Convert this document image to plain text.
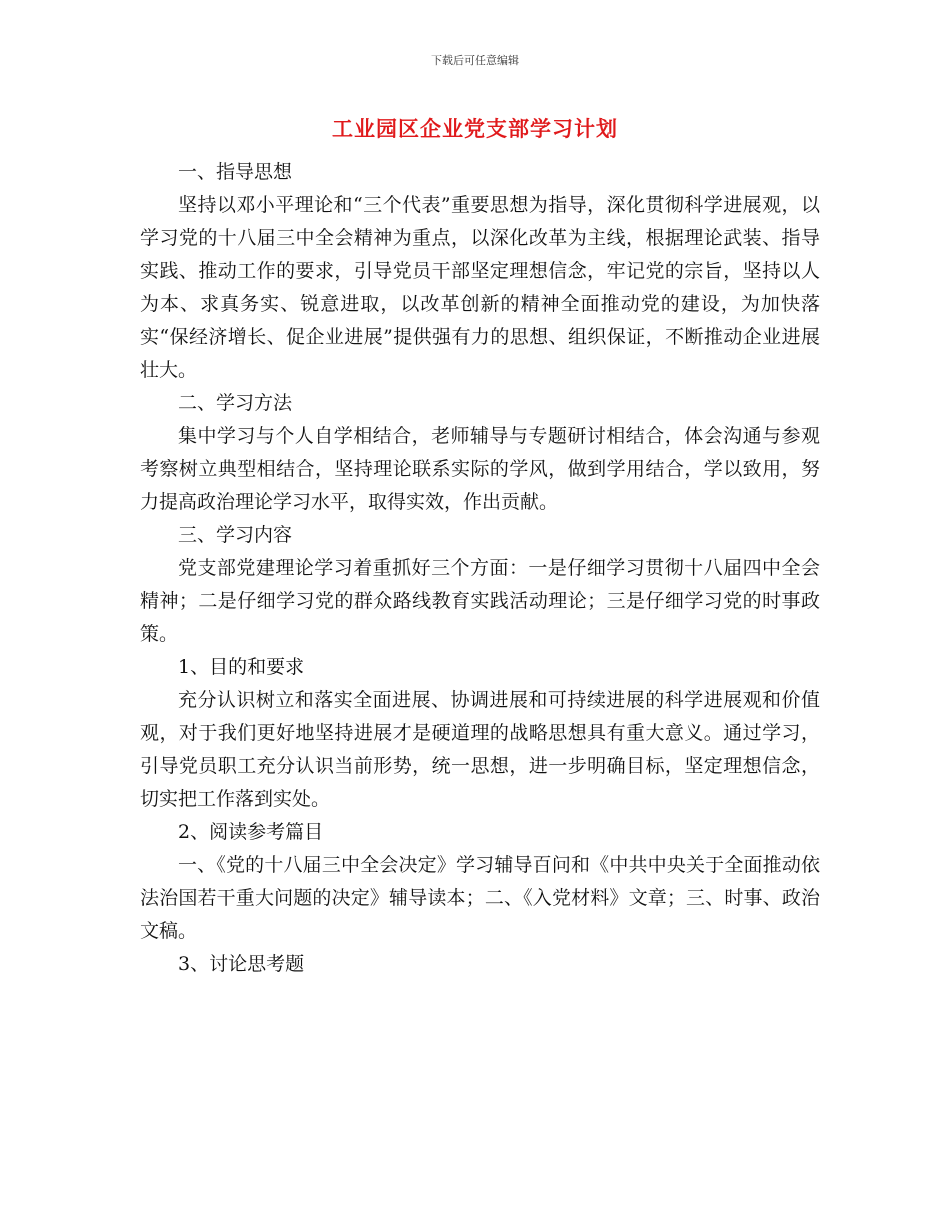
下载后可任意编辑
工业园区企业党支部学习计划

一、指导思想

坚持以邓小平理论和“三个代表”重要思想为指导，深化贯彻科学进展观，以学习党的十八届三中全会精神为重点，以深化改革为主线，根据理论武装、指导实践、推动工作的要求，引导党员干部坚定理想信念，牢记党的宗旨，坚持以人为本、求真务实、锐意进取，以改革创新的精神全面推动党的建设，为加快落实“保经济增长、促企业进展”提供强有力的思想、组织保证，不断推动企业进展壮大。

二、学习方法

集中学习与个人自学相结合，老师辅导与专题研讨相结合，体会沟通与参观考察树立典型相结合，坚持理论联系实际的学风，做到学用结合，学以致用，努力提高政治理论学习水平，取得实效，作出贡献。

三、学习内容

党支部党建理论学习着重抓好三个方面：一是仔细学习贯彻十八届四中全会精神；二是仔细学习党的群众路线教育实践活动理论；三是仔细学习党的时事政策。

1、目的和要求

充分认识树立和落实全面进展、协调进展和可持续进展的科学进展观和价值观，对于我们更好地坚持进展才是硬道理的战略思想具有重大意义。通过学习，引导党员职工充分认识当前形势，统一思想，进一步明确目标，坚定理想信念，切实把工作落到实处。

2、阅读参考篇目

一、《党的十八届三中全会决定》学习辅导百问和《中共中央关于全面推动依法治国若干重大问题的决定》辅导读本；二、《入党材料》文章；三、时事、政治文稿。

3、讨论思考题
